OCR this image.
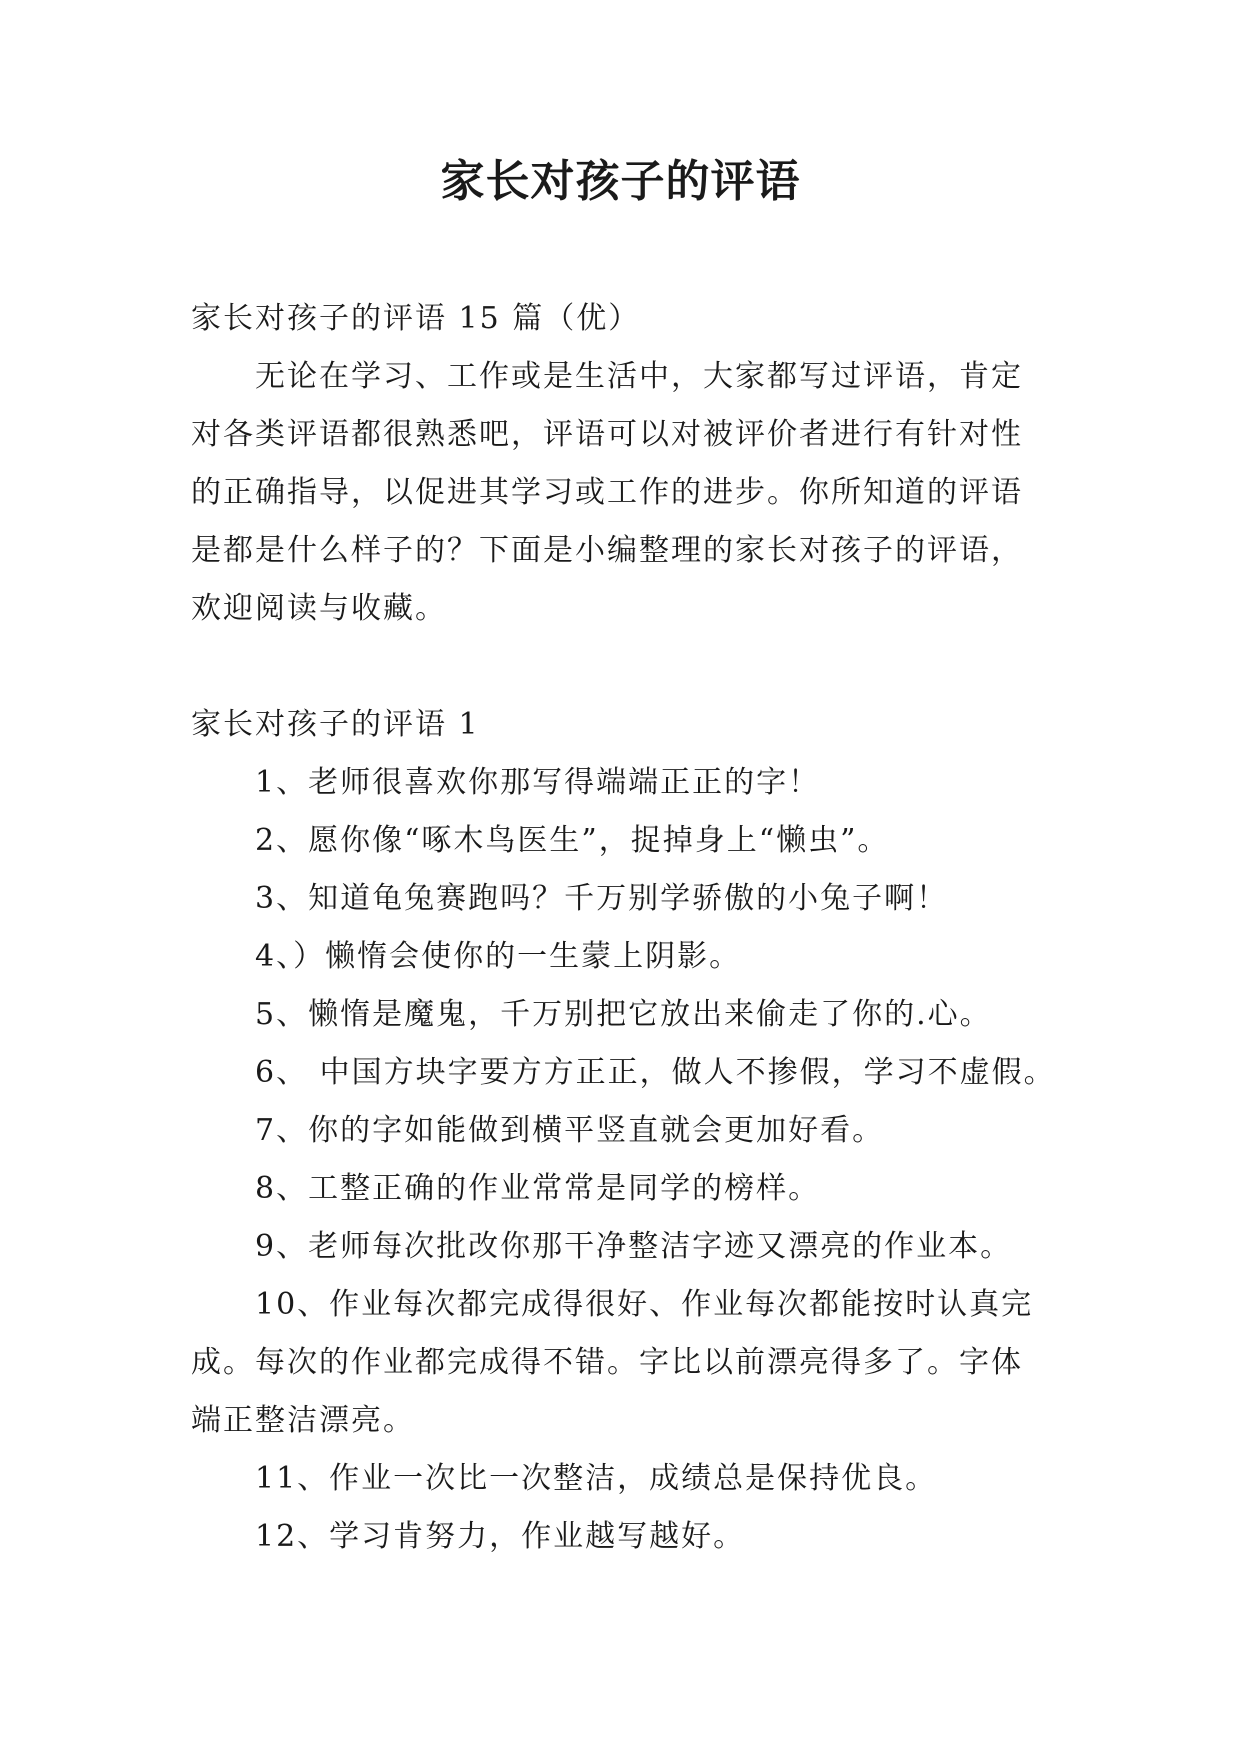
家长对孩子的评语

家长对孩子的评语 15 篇（优）

无论在学习、工作或是生活中，大家都写过评语，肯定

对各类评语都很熟悉吧，评语可以对被评价者进行有针对性

的正确指导，以促进其学习或工作的进步。你所知道的评语

是都是什么样子的？下面是小编整理的家长对孩子的评语，

欢迎阅读与收藏。

家长对孩子的评语 1

1、老师很喜欢你那写得端端正正的字！

2、愿你像“啄木鸟医生”，捉掉身上“懒虫”。

3、知道龟兔赛跑吗？千万别学骄傲的小兔子啊！

4、）懒惰会使你的一生蒙上阴影。

5、懒惰是魔鬼，千万别把它放出来偷走了你的.心。

6、 中国方块字要方方正正，做人不掺假，学习不虚假。

7、你的字如能做到横平竖直就会更加好看。

8、工整正确的作业常常是同学的榜样。

9、老师每次批改你那干净整洁字迹又漂亮的作业本。

10、作业每次都完成得很好、作业每次都能按时认真完

成。每次的作业都完成得不错。字比以前漂亮得多了。字体

端正整洁漂亮。

11、作业一次比一次整洁，成绩总是保持优良。

12、学习肯努力，作业越写越好。
